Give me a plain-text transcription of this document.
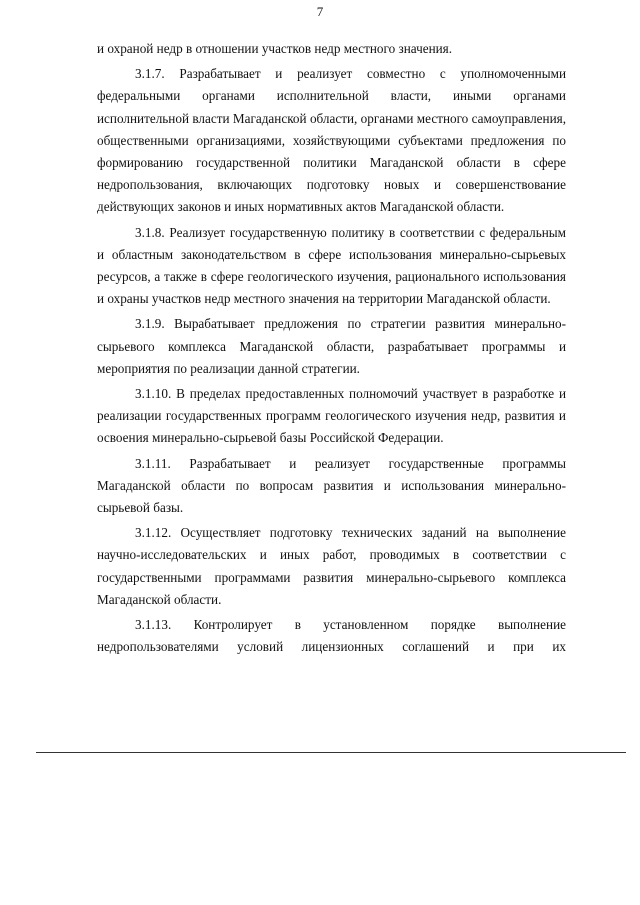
7

и охраной недр в отношении участков недр местного значения.

3.1.7. Разрабатывает и реализует совместно с уполномоченными федеральными органами исполнительной власти, иными органами исполнительной власти Магаданской области, органами местного самоуправления, общественными организациями, хозяйствующими субъектами предложения по формированию государственной политики Магаданской области в сфере недропользования, включающих подготовку новых и совершенствование действующих законов и иных нормативных актов Магаданской области.

3.1.8. Реализует государственную политику в соответствии с федеральным и областным законодательством в сфере использования минерально-сырьевых ресурсов, а также в сфере геологического изучения, рационального использования и охраны участков недр местного значения на территории Магаданской области.

3.1.9. Вырабатывает предложения по стратегии развития минерально-сырьевого комплекса Магаданской области, разрабатывает программы и мероприятия по реализации данной стратегии.

3.1.10. В пределах предоставленных полномочий участвует в разработке и реализации государственных программ геологического изучения недр, развития и освоения минерально-сырьевой базы Российской Федерации.

3.1.11. Разрабатывает и реализует государственные программы Магаданской области по вопросам развития и использования минерально-сырьевой базы.

3.1.12. Осуществляет подготовку технических заданий на выполнение научно-исследовательских и иных работ, проводимых в соответствии с государственными программами развития минерально-сырьевого комплекса Магаданской области.

3.1.13. Контролирует в установленном порядке выполнение недропользователями условий лицензионных соглашений и при их
